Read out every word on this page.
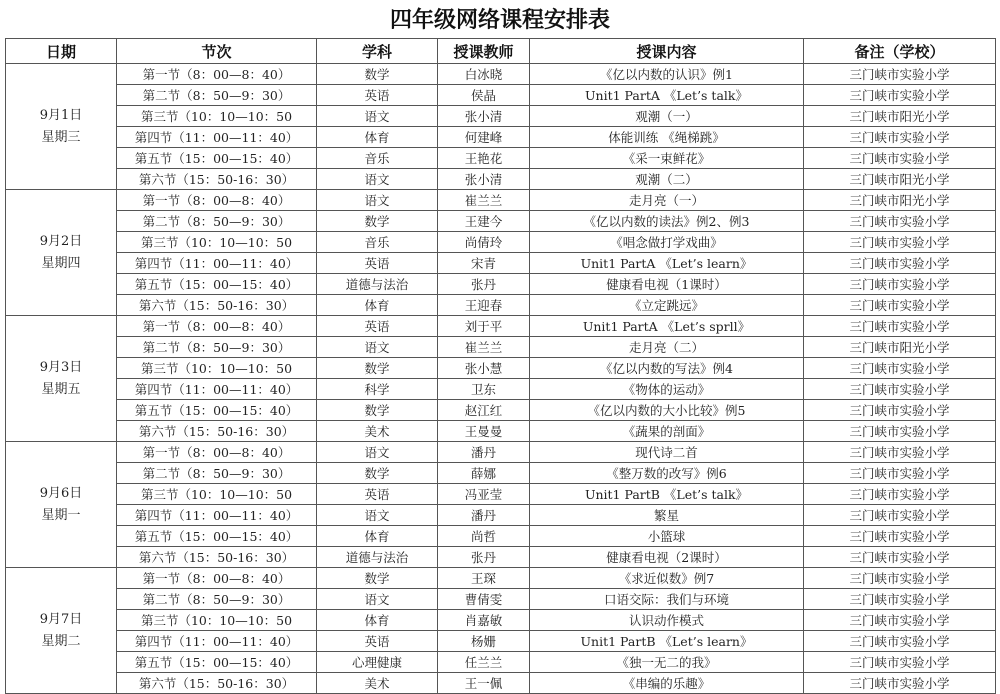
四年级网络课程安排表
日期	节次	学科	授课教师	授课内容	备注（学校）

9月1日
星期三	第一节（8：00—8：40）	数学	白冰晓	《亿以内数的认识》例1	三门峡市实验小学
	第二节（8：50—9：30）	英语	侯晶	Unit1 PartA 《Let’s talk》	三门峡市实验小学
	第三节（10：10—10：50	语文	张小清	观潮（一）	三门峡市阳光小学
	第四节（11：00—11：40）	体育	何建峰	体能训练 《绳梯跳》	三门峡市实验小学
	第五节（15：00—15：40）	音乐	王艳花	《采一束鲜花》	三门峡市实验小学
	第六节（15：50-16：30）	语文	张小清	观潮（二）	三门峡市阳光小学

9月2日
星期四	第一节（8：00—8：40）	语文	崔兰兰	走月亮（一）	三门峡市阳光小学
	第二节（8：50—9：30）	数学	王建今	《亿以内数的读法》例2、例3	三门峡市实验小学
	第三节（10：10—10：50	音乐	尚倩玲	《唱念做打学戏曲》	三门峡市实验小学
	第四节（11：00—11：40）	英语	宋青	Unit1 PartA 《Let’s learn》	三门峡市实验小学
	第五节（15：00—15：40）	道德与法治	张丹	健康看电视（1课时）	三门峡市实验小学
	第六节（15：50-16：30）	体育	王迎春	《立定跳远》	三门峡市实验小学

9月3日
星期五	第一节（8：00—8：40）	英语	刘于平	Unit1 PartA 《Let’s sprll》	三门峡市实验小学
	第二节（8：50—9：30）	语文	崔兰兰	走月亮（二）	三门峡市阳光小学
	第三节（10：10—10：50	数学	张小慧	《亿以内数的写法》例4	三门峡市实验小学
	第四节（11：00—11：40）	科学	卫东	《物体的运动》	三门峡市实验小学
	第五节（15：00—15：40）	数学	赵江红	《亿以内数的大小比较》例5	三门峡市实验小学
	第六节（15：50-16：30）	美术	王曼曼	《蔬果的剖面》	三门峡市实验小学

9月6日
星期一	第一节（8：00—8：40）	语文	潘丹	现代诗二首	三门峡市实验小学
	第二节（8：50—9：30）	数学	薛娜	《整万数的改写》例6	三门峡市实验小学
	第三节（10：10—10：50	英语	冯亚莹	Unit1 PartB 《Let’s talk》	三门峡市实验小学
	第四节（11：00—11：40）	语文	潘丹	繁星	三门峡市实验小学
	第五节（15：00—15：40）	体育	尚哲	小篮球	三门峡市实验小学
	第六节（15：50-16：30）	道德与法治	张丹	健康看电视（2课时）	三门峡市实验小学

9月7日
星期二	第一节（8：00—8：40）	数学	王琛	《求近似数》例7	三门峡市实验小学
	第二节（8：50—9：30）	语文	曹倩雯	口语交际：我们与环境	三门峡市实验小学
	第三节（10：10—10：50	体育	肖嘉敏	认识动作模式	三门峡市实验小学
	第四节（11：00—11：40）	英语	杨姗	Unit1 PartB 《Let’s learn》	三门峡市实验小学
	第五节（15：00—15：40）	心理健康	任兰兰	《独一无二的我》	三门峡市实验小学
	第六节（15：50-16：30）	美术	王一佩	《串编的乐趣》	三门峡市实验小学
